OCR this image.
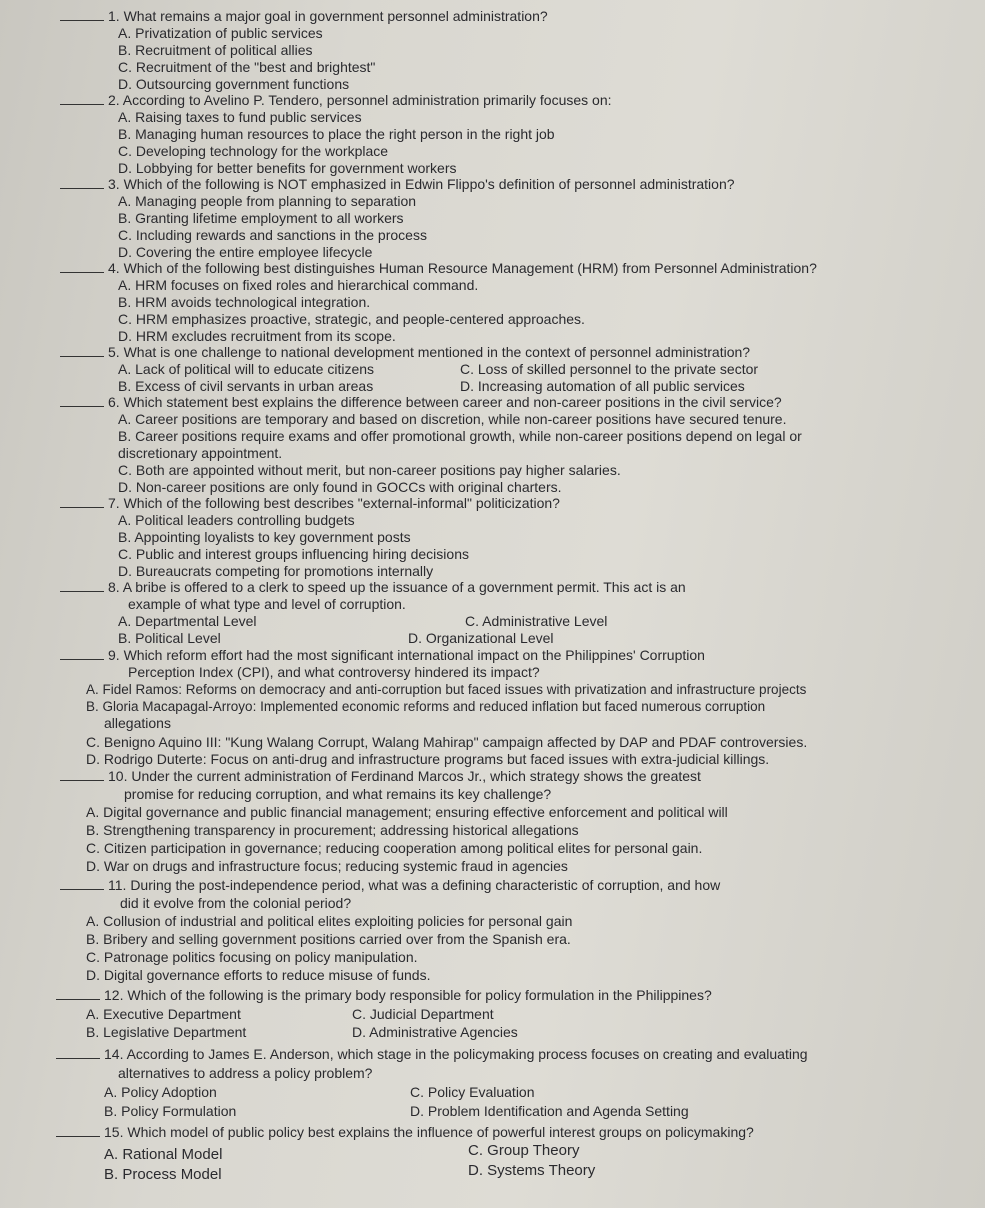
1. What remains a major goal in government personnel administration?
A. Privatization of public services
B. Recruitment of political allies
C. Recruitment of the "best and brightest"
D. Outsourcing government functions
2. According to Avelino P. Tendero, personnel administration primarily focuses on:
A. Raising taxes to fund public services
B. Managing human resources to place the right person in the right job
C. Developing technology for the workplace
D. Lobbying for better benefits for government workers
3. Which of the following is NOT emphasized in Edwin Flippo's definition of personnel administration?
A. Managing people from planning to separation
B. Granting lifetime employment to all workers
C. Including rewards and sanctions in the process
D. Covering the entire employee lifecycle
4. Which of the following best distinguishes Human Resource Management (HRM) from Personnel Administration?
A. HRM focuses on fixed roles and hierarchical command.
B. HRM avoids technological integration.
C. HRM emphasizes proactive, strategic, and people-centered approaches.
D. HRM excludes recruitment from its scope.
5. What is one challenge to national development mentioned in the context of personnel administration?
A. Lack of political will to educate citizens	C. Loss of skilled personnel to the private sector
B. Excess of civil servants in urban areas	D. Increasing automation of all public services
6. Which statement best explains the difference between career and non-career positions in the civil service?
A. Career positions are temporary and based on discretion, while non-career positions have secured tenure.
B. Career positions require exams and offer promotional growth, while non-career positions depend on legal or
discretionary appointment.
C. Both are appointed without merit, but non-career positions pay higher salaries.
D. Non-career positions are only found in GOCCs with original charters.
7. Which of the following best describes "external-informal" politicization?
A. Political leaders controlling budgets
B. Appointing loyalists to key government posts
C. Public and interest groups influencing hiring decisions
D. Bureaucrats competing for promotions internally
8. A bribe is offered to a clerk to speed up the issuance of a government permit. This act is an
example of what type and level of corruption.
A. Departmental Level	C. Administrative Level
B. Political Level	D. Organizational Level
9. Which reform effort had the most significant international impact on the Philippines' Corruption
Perception Index (CPI), and what controversy hindered its impact?
A. Fidel Ramos: Reforms on democracy and anti-corruption but faced issues with privatization and infrastructure projects
B. Gloria Macapagal-Arroyo: Implemented economic reforms and reduced inflation but faced numerous corruption
allegations
C. Benigno Aquino III: "Kung Walang Corrupt, Walang Mahirap" campaign affected by DAP and PDAF controversies.
D. Rodrigo Duterte: Focus on anti-drug and infrastructure programs but faced issues with extra-judicial killings.
10. Under the current administration of Ferdinand Marcos Jr., which strategy shows the greatest
promise for reducing corruption, and what remains its key challenge?
A. Digital governance and public financial management; ensuring effective enforcement and political will
B. Strengthening transparency in procurement; addressing historical allegations
C. Citizen participation in governance; reducing cooperation among political elites for personal gain.
D. War on drugs and infrastructure focus; reducing systemic fraud in agencies
11. During the post-independence period, what was a defining characteristic of corruption, and how
did it evolve from the colonial period?
A. Collusion of industrial and political elites exploiting policies for personal gain
B. Bribery and selling government positions carried over from the Spanish era.
C. Patronage politics focusing on policy manipulation.
D. Digital governance efforts to reduce misuse of funds.
12. Which of the following is the primary body responsible for policy formulation in the Philippines?
A. Executive Department	C. Judicial Department
B. Legislative Department	D. Administrative Agencies
14. According to James E. Anderson, which stage in the policymaking process focuses on creating and evaluating
alternatives to address a policy problem?
A. Policy Adoption	C. Policy Evaluation
B. Policy Formulation	D. Problem Identification and Agenda Setting
15. Which model of public policy best explains the influence of powerful interest groups on policymaking?
A. Rational Model	C. Group Theory
B. Process Model	D. Systems Theory
